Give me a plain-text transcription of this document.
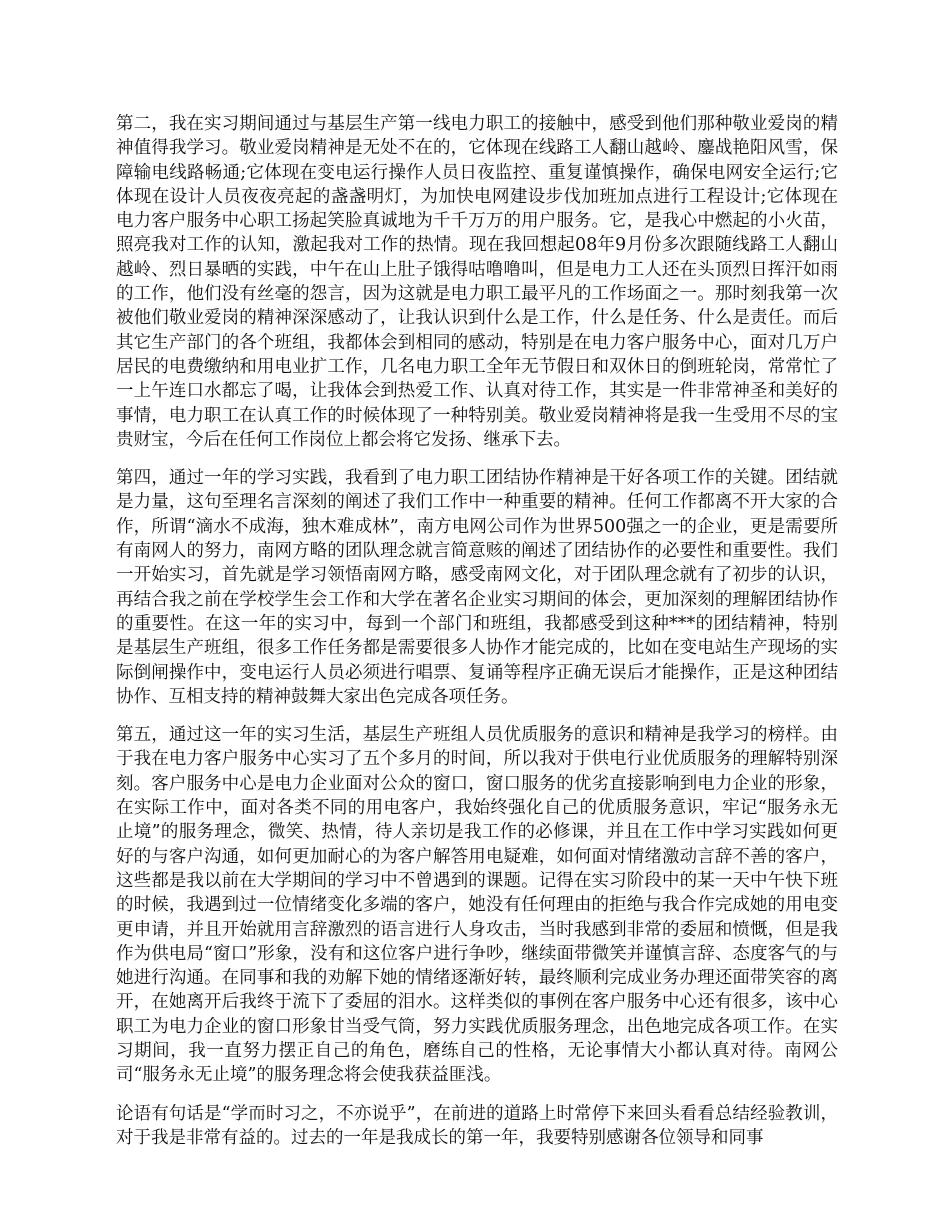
第二，我在实习期间通过与基层生产第一线电力职工的接触中，感受到他们那种敬业爱岗的精神值得我学习。敬业爱岗精神是无处不在的，它体现在线路工人翻山越岭、鏖战艳阳风雪，保障输电线路畅通;它体现在变电运行操作人员日夜监控、重复谨慎操作，确保电网安全运行;它体现在设计人员夜夜亮起的盏盏明灯，为加快电网建设步伐加班加点进行工程设计;它体现在电力客户服务中心职工扬起笑脸真诚地为千千万万的用户服务。它，是我心中燃起的小火苗，照亮我对工作的认知，激起我对工作的热情。现在我回想起08年9月份多次跟随线路工人翻山越岭、烈日暴晒的实践，中午在山上肚子饿得咕噜噜叫，但是电力工人还在头顶烈日挥汗如雨的工作，他们没有丝毫的怨言，因为这就是电力职工最平凡的工作场面之一。那时刻我第一次被他们敬业爱岗的精神深深感动了，让我认识到什么是工作，什么是任务、什么是责任。而后其它生产部门的各个班组，我都体会到相同的感动，特别是在电力客户服务中心，面对几万户居民的电费缴纳和用电业扩工作，几名电力职工全年无节假日和双休日的倒班轮岗，常常忙了一上午连口水都忘了喝，让我体会到热爱工作、认真对待工作，其实是一件非常神圣和美好的事情，电力职工在认真工作的时候体现了一种特别美。敬业爱岗精神将是我一生受用不尽的宝贵财宝，今后在任何工作岗位上都会将它发扬、继承下去。

第四，通过一年的学习实践，我看到了电力职工团结协作精神是干好各项工作的关键。团结就是力量，这句至理名言深刻的阐述了我们工作中一种重要的精神。任何工作都离不开大家的合作，所谓“滴水不成海，独木难成林”，南方电网公司作为世界500强之一的企业，更是需要所有南网人的努力，南网方略的团队理念就言简意赅的阐述了团结协作的必要性和重要性。我们一开始实习，首先就是学习领悟南网方略，感受南网文化，对于团队理念就有了初步的认识，再结合我之前在学校学生会工作和大学在著名企业实习期间的体会，更加深刻的理解团结协作的重要性。在这一年的实习中，每到一个部门和班组，我都感受到这种***的团结精神，特别是基层生产班组，很多工作任务都是需要很多人协作才能完成的，比如在变电站生产现场的实际倒闸操作中，变电运行人员必须进行唱票、复诵等程序正确无误后才能操作，正是这种团结协作、互相支持的精神鼓舞大家出色完成各项任务。

第五，通过这一年的实习生活，基层生产班组人员优质服务的意识和精神是我学习的榜样。由于我在电力客户服务中心实习了五个多月的时间，所以我对于供电行业优质服务的理解特别深刻。客户服务中心是电力企业面对公众的窗口，窗口服务的优劣直接影响到电力企业的形象，在实际工作中，面对各类不同的用电客户，我始终强化自己的优质服务意识，牢记“服务永无止境”的服务理念，微笑、热情，待人亲切是我工作的必修课，并且在工作中学习实践如何更好的与客户沟通，如何更加耐心的为客户解答用电疑难，如何面对情绪激动言辞不善的客户，这些都是我以前在大学期间的学习中不曾遇到的课题。记得在实习阶段中的某一天中午快下班的时候，我遇到过一位情绪变化多端的客户，她没有任何理由的拒绝与我合作完成她的用电变更申请，并且开始就用言辞激烈的语言进行人身攻击，当时我感到非常的委屈和愤慨，但是我作为供电局“窗口”形象，没有和这位客户进行争吵，继续面带微笑并谨慎言辞、态度客气的与她进行沟通。在同事和我的劝解下她的情绪逐渐好转，最终顺利完成业务办理还面带笑容的离开，在她离开后我终于流下了委屈的泪水。这样类似的事例在客户服务中心还有很多，该中心职工为电力企业的窗口形象甘当受气筒，努力实践优质服务理念，出色地完成各项工作。在实习期间，我一直努力摆正自己的角色，磨练自己的性格，无论事情大小都认真对待。南网公司“服务永无止境”的服务理念将会使我获益匪浅。

论语有句话是“学而时习之，不亦说乎”，在前进的道路上时常停下来回头看看总结经验教训，对于我是非常有益的。过去的一年是我成长的第一年，我要特别感谢各位领导和同事
